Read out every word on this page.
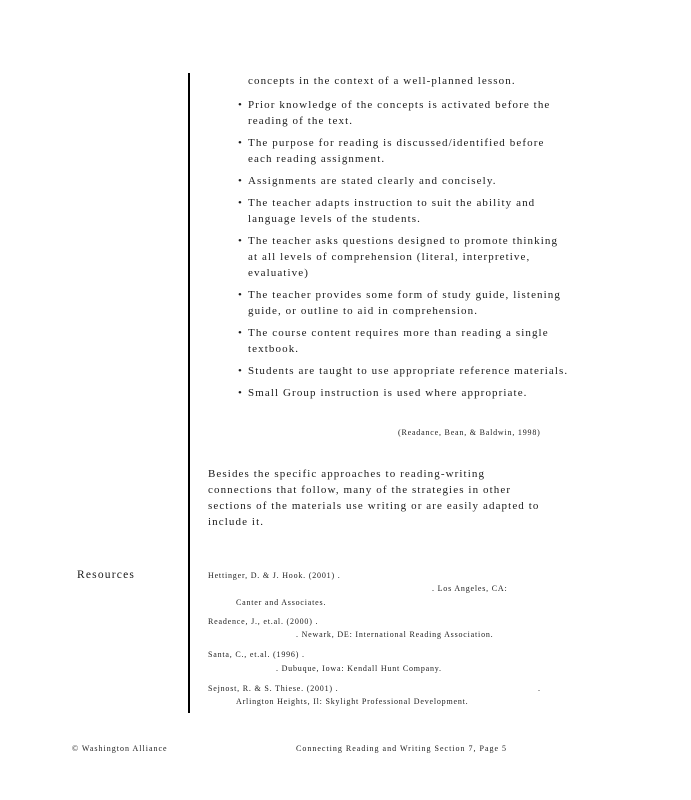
concepts in the context of a well-planned lesson.
• Prior knowledge of the concepts is activated before the reading of the text.
• The purpose for reading is discussed/identified before each reading assignment.
• Assignments are stated clearly and concisely.
• The teacher adapts instruction to suit the ability and language levels of the students.
• The teacher asks questions designed to promote thinking at all levels of comprehension (literal, interpretive, evaluative)
• The teacher provides some form of study guide, listening guide, or outline to aid in comprehension.
• The course content requires more than reading a single textbook.
• Students are taught to use appropriate reference materials.
• Small Group instruction is used where appropriate.
(Readance, Bean, & Baldwin, 1998)

Besides the specific approaches to reading-writing connections that follow, many of the strategies in other sections of the materials use writing or are easily adapted to include it.

Resources	Hettinger, D. & J. Hook. (2001) .
. Los Angeles, CA:
Canter and Associates.
Readence, J., et.al. (2000) .
. Newark, DE: International Reading Association.
Santa, C., et.al. (1996) .
. Dubuque, Iowa: Kendall Hunt Company.
Sejnost, R. & S. Thiese. (2001) .	.
Arlington Heights, Il: Skylight Professional Development.
© Washington Alliance	Connecting Reading and Writing Section 7, Page 5
